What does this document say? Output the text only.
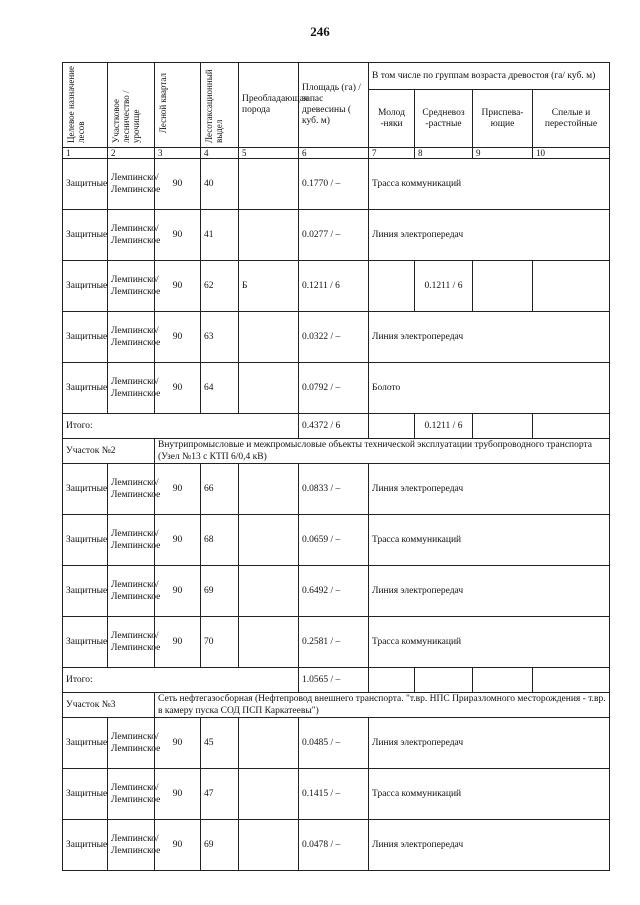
246
Целевое назначение лесов	Участковое лесничество / урочище	Лесной квартал	Лесотаксационный выдел	Преобладающая порода	Площадь (га) / запас древесины ( куб. м)	В том числе по группам возраста древостоя (га/ куб. м)			
						Молод -няки	Средневоз -растные	Приспева- ющие	Спелые и перестойные
1	2	3	4	5	6	7	8	9	10
Защитные	Лемпинско/ Лемпинское	90	40		0.1770 / –	Трасса коммуникаций			
Защитные	Лемпинско/ Лемпинское	90	41		0.0277 / –	Линия электропередач			
Защитные	Лемпинско/ Лемпинское	90	62	Б	0.1211 / 6		0.1211 / 6		
Защитные	Лемпинско/ Лемпинское	90	63		0.0322 / –	Линия электропередач			
Защитные	Лемпинско/ Лемпинское	90	64		0.0792 / –	Болото			
Итого:					0.4372 / 6		0.1211 / 6		
Участок №2		Внутрипромысловые и межпромысловые объекты технической эксплуатации трубопроводного транспорта (Узел №13 с КТП 6/0,4 кВ)							
Защитные	Лемпинско/ Лемпинское	90	66		0.0833 / –	Линия электропередач			
Защитные	Лемпинско/ Лемпинское	90	68		0.0659 / –	Трасса коммуникаций			
Защитные	Лемпинско/ Лемпинское	90	69		0.6492 / –	Линия электропередач			
Защитные	Лемпинско/ Лемпинское	90	70		0.2581 / –	Трасса коммуникаций			
Итого:					1.0565 / –				
Участок №3		Сеть нефтегазосборная (Нефтепровод внешнего транспорта. "т.вр. НПС Приразломного месторождения - т.вр. в камеру пуска СОД ПСП Каркатеевы")							
Защитные	Лемпинско/ Лемпинское	90	45		0.0485 / –	Линия электропередач			
Защитные	Лемпинско/ Лемпинское	90	47		0.1415 / –	Трасса коммуникаций			
Защитные	Лемпинско/ Лемпинское	90	69		0.0478 / –	Линия электропередач			
